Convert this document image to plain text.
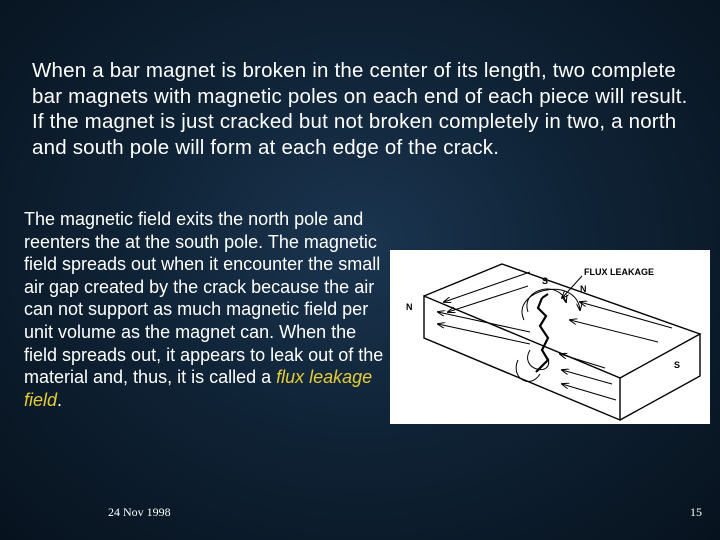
When a bar magnet is broken in the center of its length, two complete bar magnets with magnetic poles on each end of each piece will result. If the magnet is just cracked but not broken completely in two, a north and south pole will form at each edge of the crack.
The magnetic field exits the north pole and reenters the at the south pole. The magnetic field spreads out when it encounter the small air gap created by the crack because the air can not support as much magnetic field per unit volume as the magnet can. When the field spreads out, it appears to leak out of the material and, thus, it is called a flux leakage field.
S
FLUX LEAKAGE
N
N
S
24 Nov 1998	15
